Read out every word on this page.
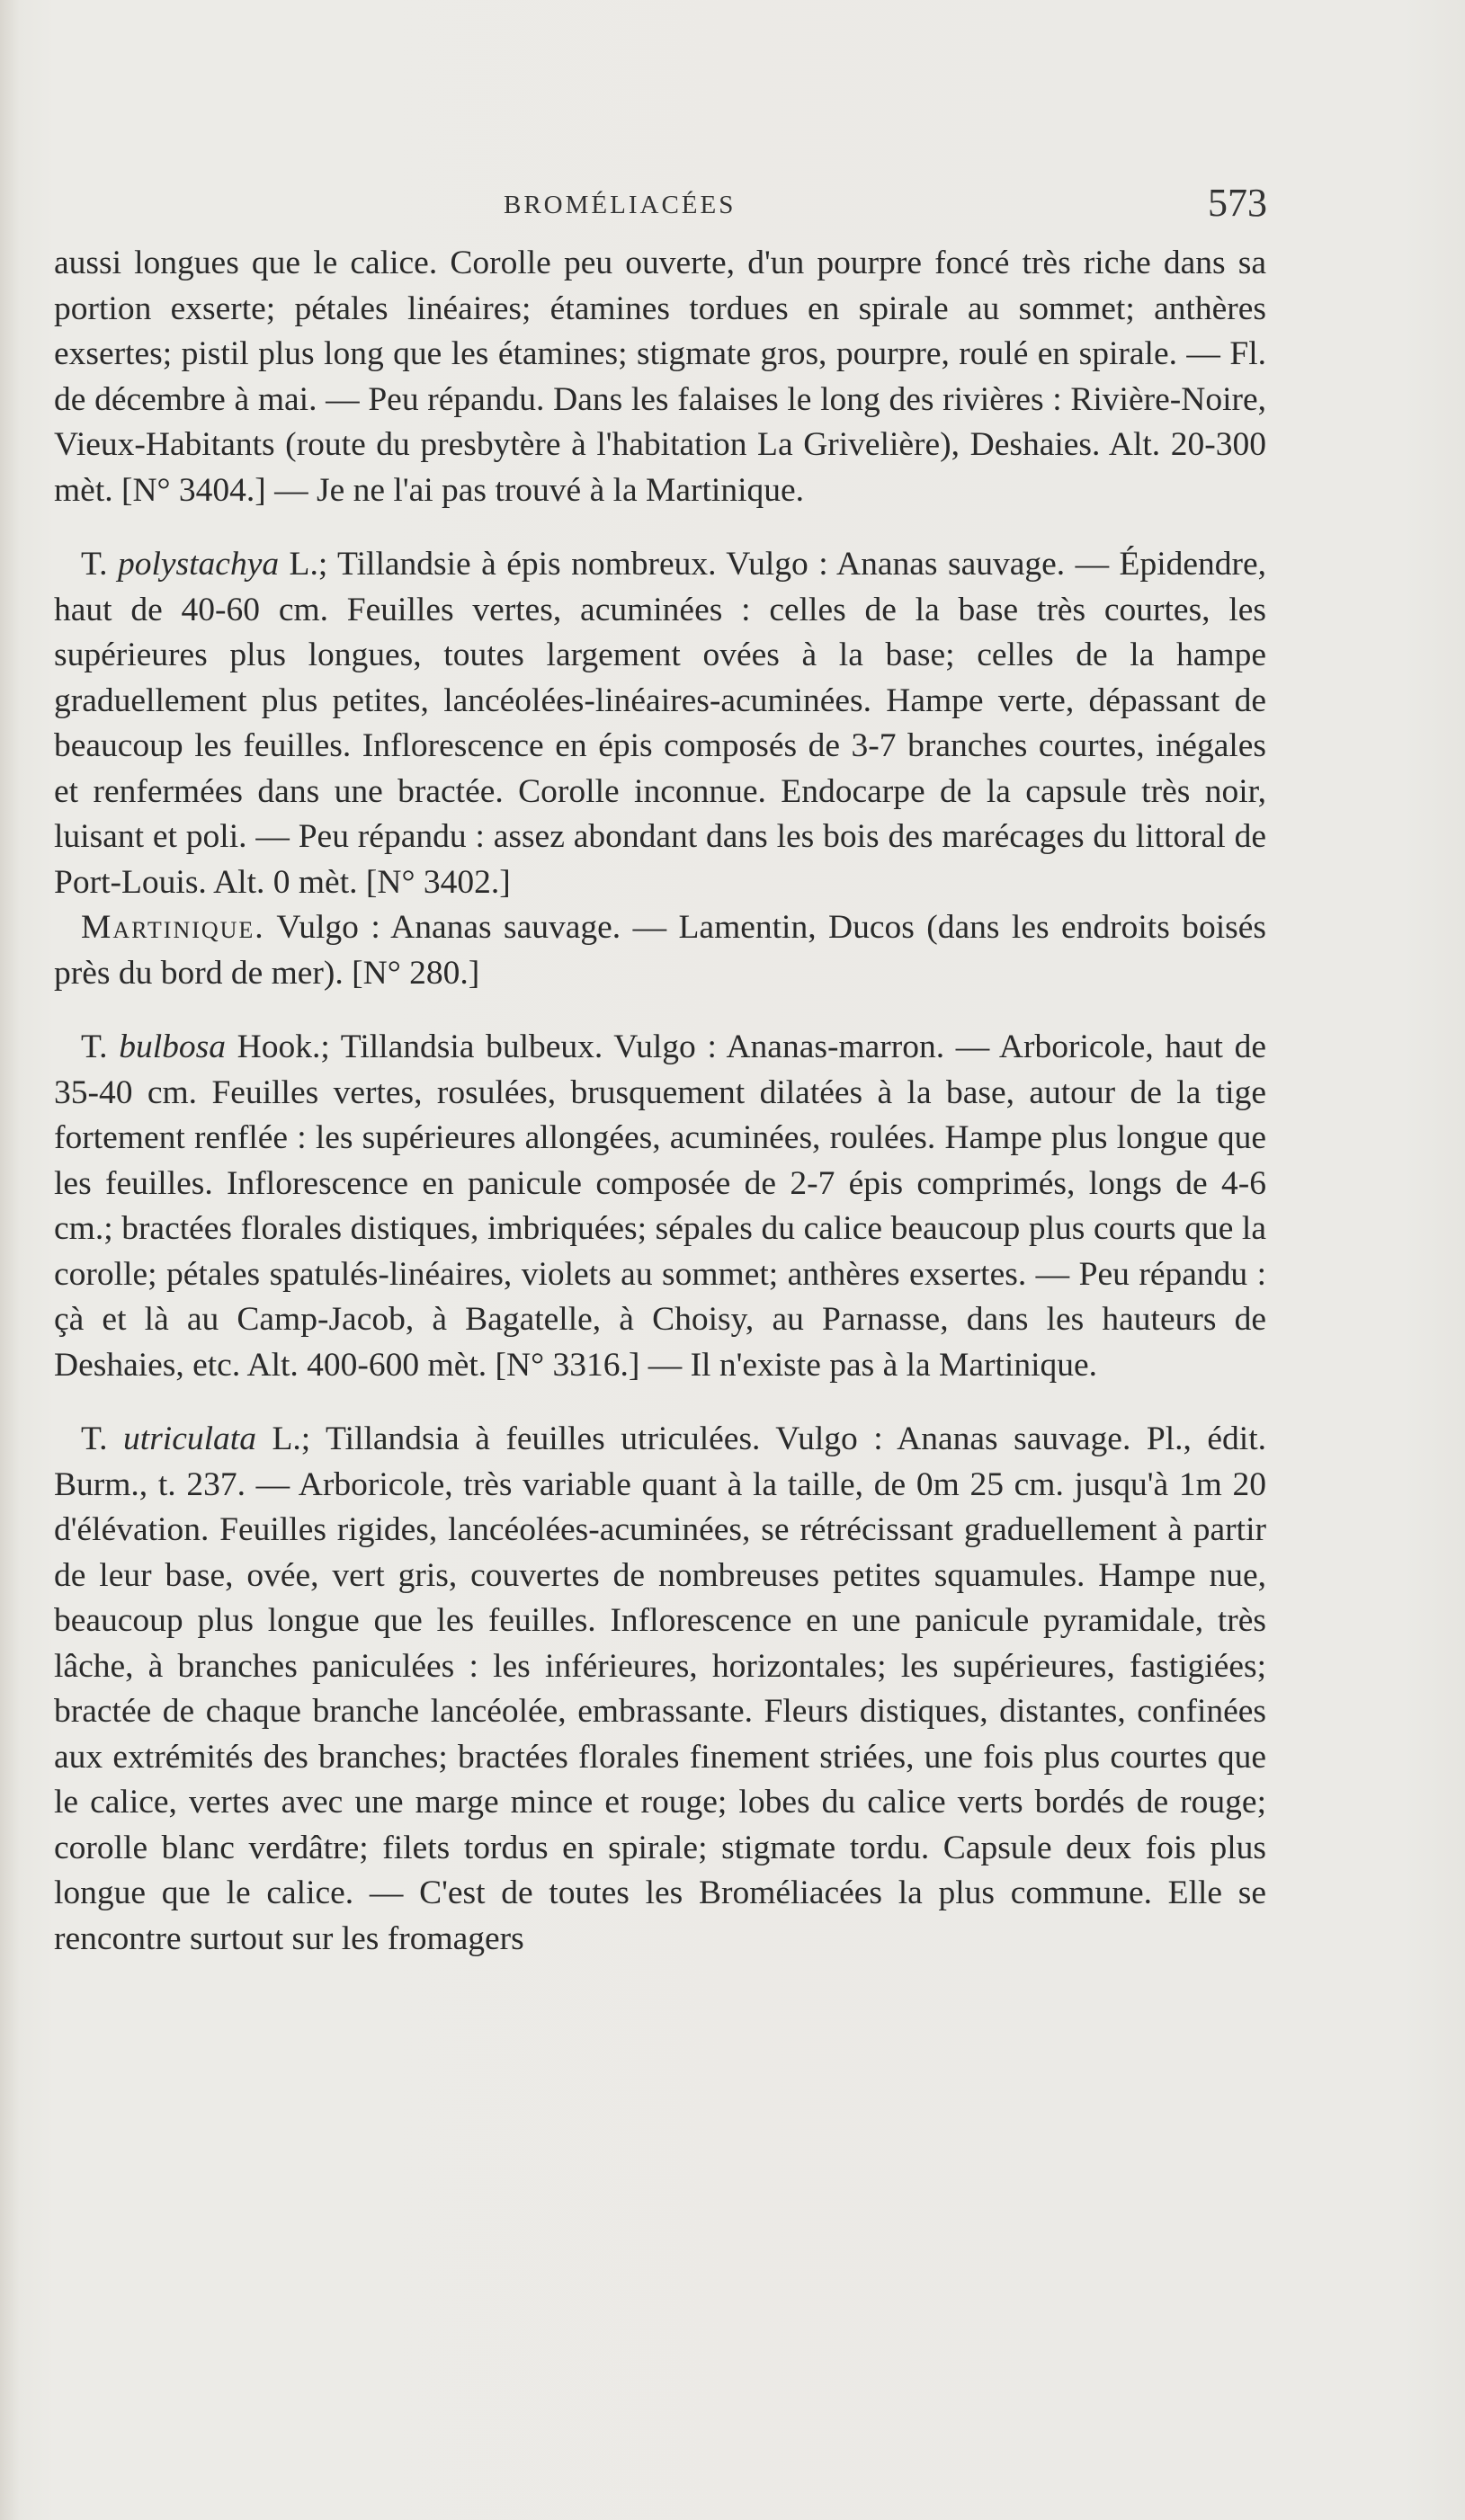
BROMÉLIACÉES	573

aussi longues que le calice. Corolle peu ouverte, d'un pourpre foncé très riche dans sa portion exserte; pétales linéaires; étamines tordues en spirale au sommet; anthères exsertes; pistil plus long que les étamines; stigmate gros, pourpre, roulé en spirale. — Fl. de décembre à mai. — Peu répandu. Dans les falaises le long des rivières : Rivière-Noire, Vieux-Habitants (route du presbytère à l'habitation La Grivelière), Deshaies. Alt. 20-300 mèt. [N° 3404.] — Je ne l'ai pas trouvé à la Martinique.

T. polystachya L.; Tillandsie à épis nombreux. Vulgo : Ananas sauvage. — Épidendre, haut de 40-60 cm. Feuilles vertes, acuminées : celles de la base très courtes, les supérieures plus longues, toutes largement ovées à la base; celles de la hampe graduellement plus petites, lancéolées-linéaires-acuminées. Hampe verte, dépassant de beaucoup les feuilles. Inflorescence en épis composés de 3-7 branches courtes, inégales et renfermées dans une bractée. Corolle inconnue. Endocarpe de la capsule très noir, luisant et poli. — Peu répandu : assez abondant dans les bois des marécages du littoral de Port-Louis. Alt. 0 mèt. [N° 3402.]

Martinique. Vulgo : Ananas sauvage. — Lamentin, Ducos (dans les endroits boisés près du bord de mer). [N° 280.]

T. bulbosa Hook.; Tillandsia bulbeux. Vulgo : Ananas-marron. — Arboricole, haut de 35-40 cm. Feuilles vertes, rosulées, brusquement dilatées à la base, autour de la tige fortement renflée : les supérieures allongées, acuminées, roulées. Hampe plus longue que les feuilles. Inflorescence en panicule composée de 2-7 épis comprimés, longs de 4-6 cm.; bractées florales distiques, imbriquées; sépales du calice beaucoup plus courts que la corolle; pétales spatulés-linéaires, violets au sommet; anthères exsertes. — Peu répandu : çà et là au Camp-Jacob, à Bagatelle, à Choisy, au Parnasse, dans les hauteurs de Deshaies, etc. Alt. 400-600 mèt. [N° 3316.] — Il n'existe pas à la Martinique.

T. utriculata L.; Tillandsia à feuilles utriculées. Vulgo : Ananas sauvage. Pl., édit. Burm., t. 237. — Arboricole, très variable quant à la taille, de 0m 25 cm. jusqu'à 1m 20 d'élévation. Feuilles rigides, lancéolées-acuminées, se rétrécissant graduellement à partir de leur base, ovée, vert gris, couvertes de nombreuses petites squamules. Hampe nue, beaucoup plus longue que les feuilles. Inflorescence en une panicule pyramidale, très lâche, à branches paniculées : les inférieures, horizontales; les supérieures, fastigiées; bractée de chaque branche lancéolée, embrassante. Fleurs distiques, distantes, confinées aux extrémités des branches; bractées florales finement striées, une fois plus courtes que le calice, vertes avec une marge mince et rouge; lobes du calice verts bordés de rouge; corolle blanc verdâtre; filets tordus en spirale; stigmate tordu. Capsule deux fois plus longue que le calice. — C'est de toutes les Broméliacées la plus commune. Elle se rencontre surtout sur les fromagers
